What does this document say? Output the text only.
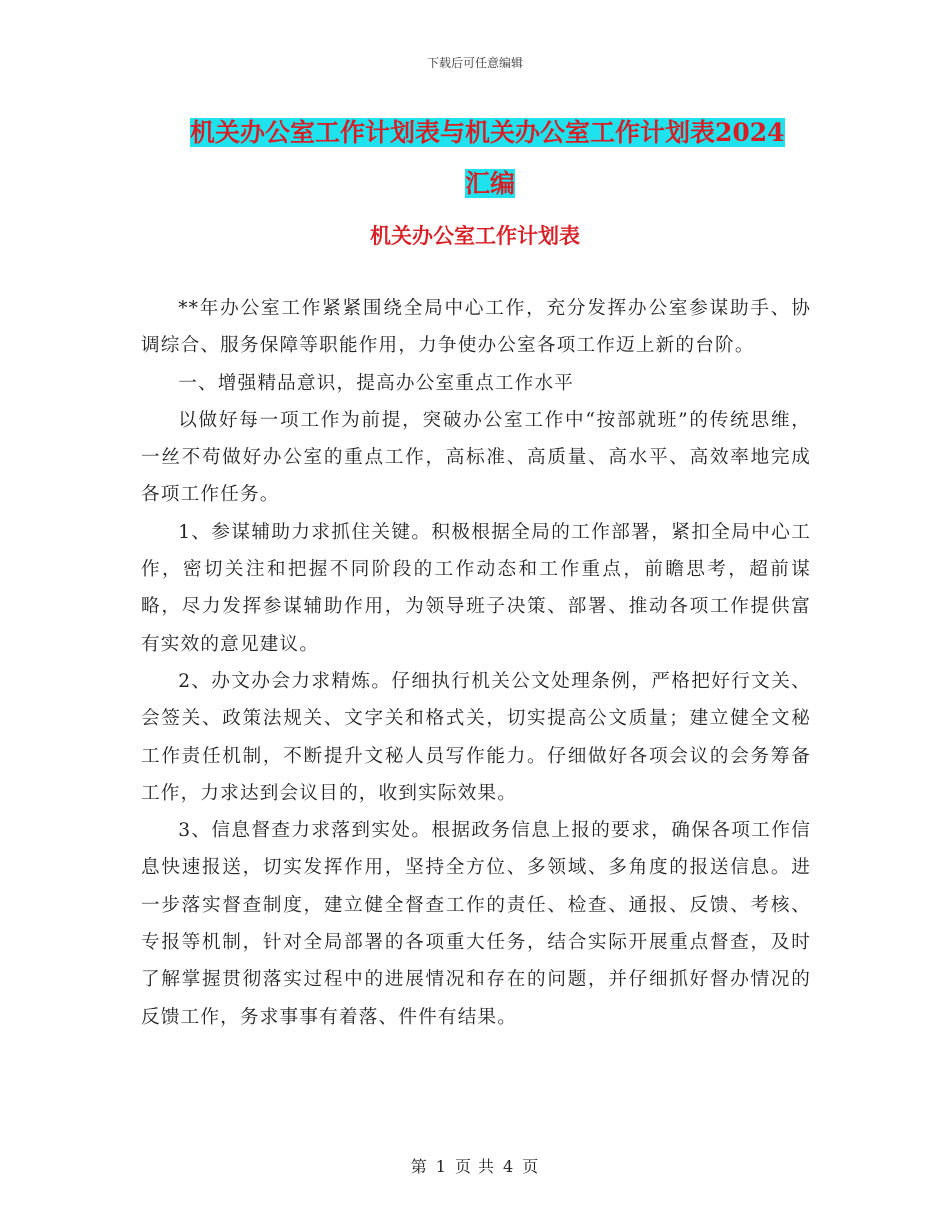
下载后可任意编辑
机关办公室工作计划表与机关办公室工作计划表2024
汇编
机关办公室工作计划表

**年办公室工作紧紧围绕全局中心工作，充分发挥办公室参谋助手、协调综合、服务保障等职能作用，力争使办公室各项工作迈上新的台阶。

一、增强精品意识，提高办公室重点工作水平

以做好每一项工作为前提，突破办公室工作中“按部就班”的传统思维，一丝不苟做好办公室的重点工作，高标准、高质量、高水平、高效率地完成各项工作任务。

1、参谋辅助力求抓住关键。积极根据全局的工作部署，紧扣全局中心工作，密切关注和把握不同阶段的工作动态和工作重点，前瞻思考，超前谋略，尽力发挥参谋辅助作用，为领导班子决策、部署、推动各项工作提供富有实效的意见建议。

2、办文办会力求精炼。仔细执行机关公文处理条例，严格把好行文关、会签关、政策法规关、文字关和格式关，切实提高公文质量；建立健全文秘工作责任机制，不断提升文秘人员写作能力。仔细做好各项会议的会务筹备工作，力求达到会议目的，收到实际效果。

3、信息督查力求落到实处。根据政务信息上报的要求，确保各项工作信息快速报送，切实发挥作用，坚持全方位、多领域、多角度的报送信息。进一步落实督查制度，建立健全督查工作的责任、检查、通报、反馈、考核、专报等机制，针对全局部署的各项重大任务，结合实际开展重点督查，及时了解掌握贯彻落实过程中的进展情况和存在的问题，并仔细抓好督办情况的反馈工作，务求事事有着落、件件有结果。

第 1 页 共 4 页
